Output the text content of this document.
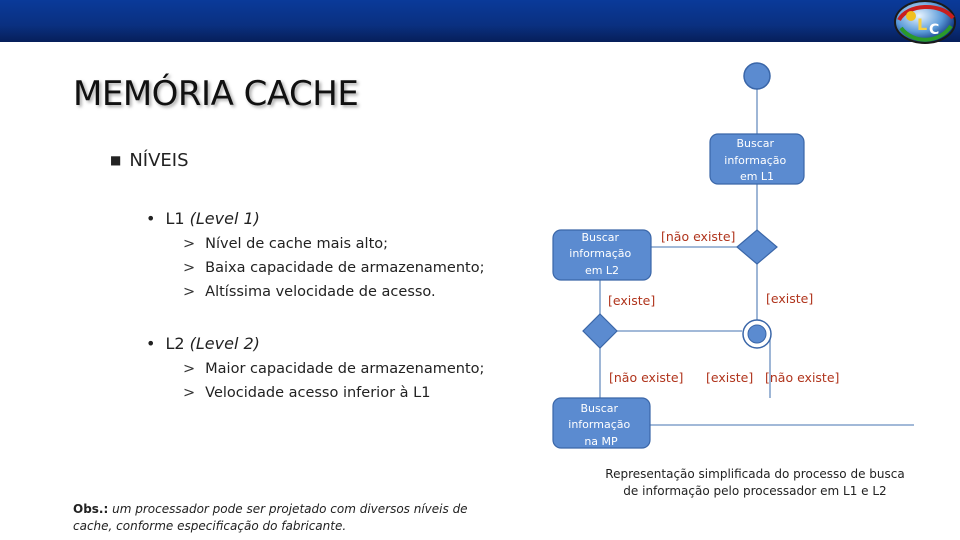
L C
MEMÓRIA CACHE
■ NÍVEIS
• L1 (Level 1)
> Nível de cache mais alto;
> Baixa capacidade de armazenamento;
> Altíssima velocidade de acesso.
• L2 (Level 2)
> Maior capacidade de armazenamento;
> Velocidade acesso inferior à L1
Obs.: um processador pode ser projetado com diversos níveis de cache, conforme especificação do fabricante.
Buscar informação em L1
Buscar informação em L2
Buscar informação na MP
[não existe]
[existe]	[existe]
[não existe] [existe] [não existe]
Representação simplificada do processo de busca de informação pelo processador em L1 e L2
